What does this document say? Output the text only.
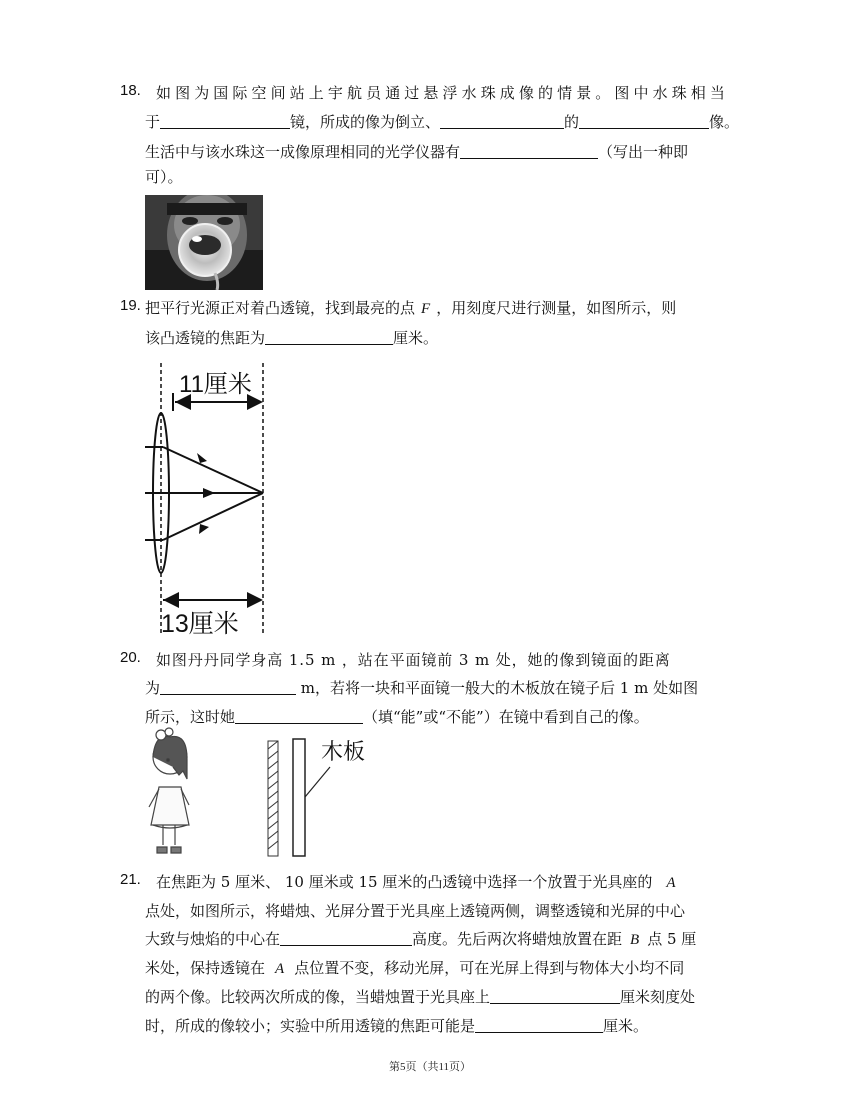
18. 如图为国际空间站上宇航员通过悬浮水珠成像的情景。图中水珠相当
于	镜，所成的像为倒立、	的	像。
生活中与该水珠这一成像原理相同的光学仪器有	（写出一种即
可）。
19. 把平行光源正对着凸透镜，找到最亮的点 F ，用刻度尺进行测量，如图所示，则
该凸透镜的焦距为	厘米。
11厘米
13厘米
20. 如图丹丹同学身高 1.5 m ，站在平面镜前 3 m 处，她的像到镜面的距离
为	m，若将一块和平面镜一般大的木板放在镜子后 1 m 处如图
所示，这时她	（填“能”或“不能”）在镜中看到自己的像。
木板
21. 在焦距为 5 厘米、 10 厘米或 15 厘米的凸透镜中选择一个放置于光具座的 A
点处，如图所示，将蜡烛、光屏分置于光具座上透镜两侧，调整透镜和光屏的中心
大致与烛焰的中心在	高度。先后两次将蜡烛放置在距 B 点 5 厘
米处，保持透镜在 A 点位置不变，移动光屏，可在光屏上得到与物体大小均不同
的两个像。比较两次所成的像，当蜡烛置于光具座上	厘米刻度处
时，所成的像较小；实验中所用透镜的焦距可能是	厘米。
第5页（共11页）
